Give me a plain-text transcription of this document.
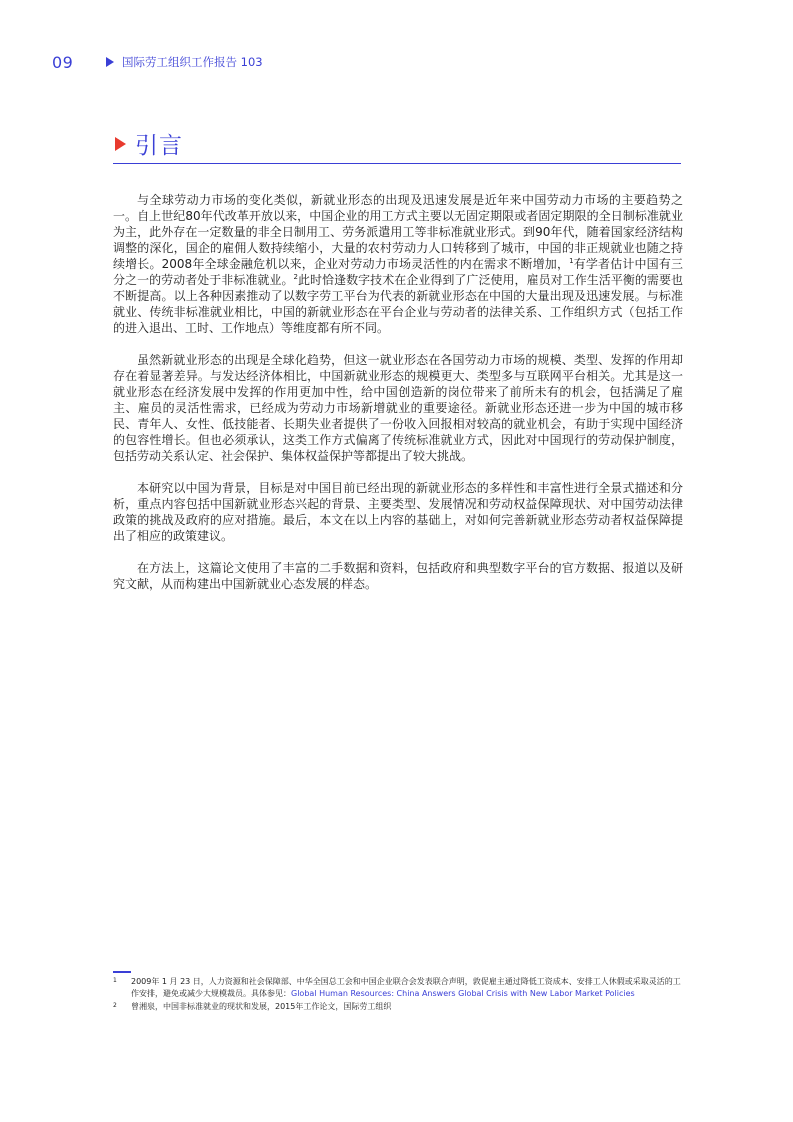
09	国际劳工组织工作报告 103
引言

与全球劳动力市场的变化类似，新就业形态的出现及迅速发展是近年来中国劳动力市场的主要趋势之一。自上世纪80年代改革开放以来，中国企业的用工方式主要以无固定期限或者固定期限的全日制标准就业为主，此外存在一定数量的非全日制用工、劳务派遣用工等非标准就业形式。到90年代，随着国家经济结构调整的深化，国企的雇佣人数持续缩小，大量的农村劳动力人口转移到了城市，中国的非正规就业也随之持续增长。2008年全球金融危机以来，企业对劳动力市场灵活性的内在需求不断增加，$^1$有学者估计中国有三分之一的劳动者处于非标准就业。$^2$此时恰逢数字技术在企业得到了广泛使用，雇员对工作生活平衡的需要也不断提高。以上各种因素推动了以数字劳工平台为代表的新就业形态在中国的大量出现及迅速发展。与标准就业、传统非标准就业相比，中国的新就业形态在平台企业与劳动者的法律关系、工作组织方式（包括工作的进入退出、工时、工作地点）等维度都有所不同。

虽然新就业形态的出现是全球化趋势，但这一就业形态在各国劳动力市场的规模、类型、发挥的作用却存在着显著差异。与发达经济体相比，中国新就业形态的规模更大、类型多与互联网平台相关。尤其是这一就业形态在经济发展中发挥的作用更加中性，给中国创造新的岗位带来了前所未有的机会，包括满足了雇主、雇员的灵活性需求，已经成为劳动力市场新增就业的重要途径。新就业形态还进一步为中国的城市移民、青年人、女性、低技能者、长期失业者提供了一份收入回报相对较高的就业机会，有助于实现中国经济的包容性增长。但也必须承认，这类工作方式偏离了传统标准就业方式，因此对中国现行的劳动保护制度，包括劳动关系认定、社会保护、集体权益保护等都提出了较大挑战。

本研究以中国为背景，目标是对中国目前已经出现的新就业形态的多样性和丰富性进行全景式描述和分析，重点内容包括中国新就业形态兴起的背景、主要类型、发展情况和劳动权益保障现状、对中国劳动法律政策的挑战及政府的应对措施。最后，本文在以上内容的基础上，对如何完善新就业形态劳动者权益保障提出了相应的政策建议。

在方法上，这篇论文使用了丰富的二手数据和资料，包括政府和典型数字平台的官方数据、报道以及研究文献，从而构建出中国新就业心态发展的样态。

1	2009年 1 月 23 日，人力资源和社会保障部、中华全国总工会和中国企业联合会发表联合声明，敦促雇主通过降低工资成本、安排工人休假或采取灵活的工作安排，避免或减少大规模裁员。具体参见：Global Human Resources: China Answers Global Crisis with New Labor Market Policies
2	曾湘泉，中国非标准就业的现状和发展，2015年工作论文，国际劳工组织
